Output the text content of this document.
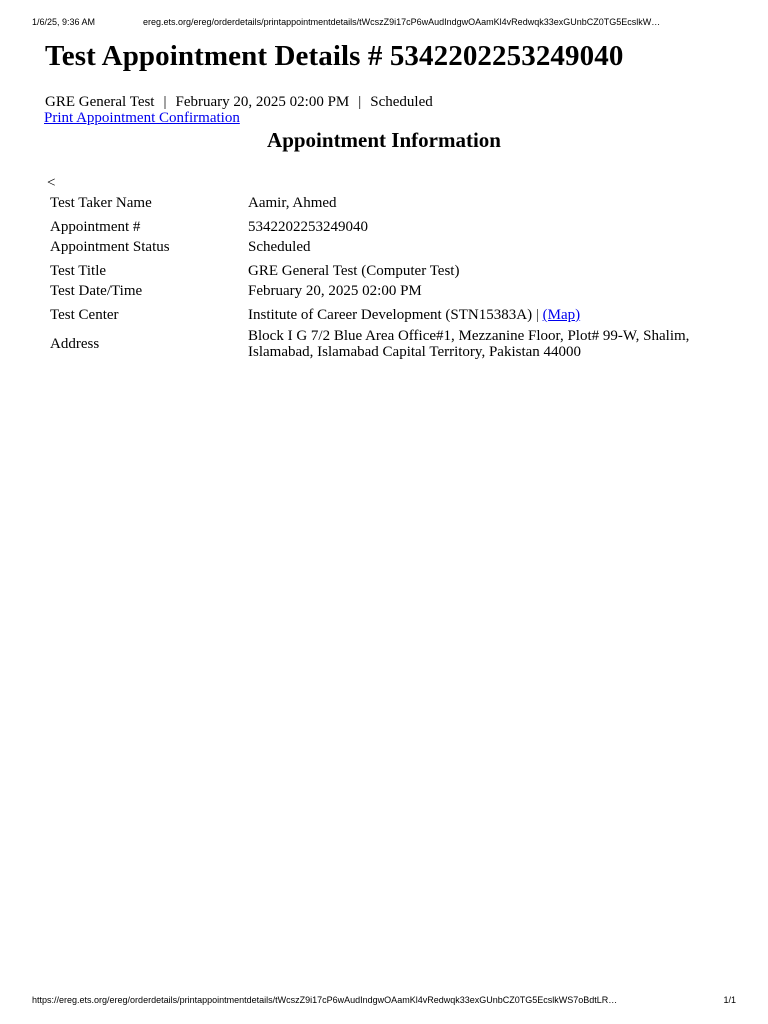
1/6/25, 9:36 AM	ereg.ets.org/ereg/orderdetails/printappointmentdetails/tWcszZ9i17cP6wAudIndgwOAamKl4vRedwqk33exGUnbCZ0TG5EcslkW…
Test Appointment Details # 5342202253249040
GRE General Test | February 20, 2025 02:00 PM | Scheduled
Print Appointment Confirmation
Appointment Information
<
Test Taker Name	Aamir, Ahmed
Appointment #	5342202253249040
Appointment Status	Scheduled
Test Title	GRE General Test (Computer Test)
Test Date/Time	February 20, 2025 02:00 PM
Test Center	Institute of Career Development (STN15383A) | (Map)
Address	Block I G 7/2 Blue Area Office#1, Mezzanine Floor, Plot# 99-W, Shalim, Islamabad, Islamabad Capital Territory, Pakistan 44000
https://ereg.ets.org/ereg/orderdetails/printappointmentdetails/tWcszZ9i17cP6wAudIndgwOAamKl4vRedwqk33exGUnbCZ0TG5EcslkWS7oBdtLR…	1/1
